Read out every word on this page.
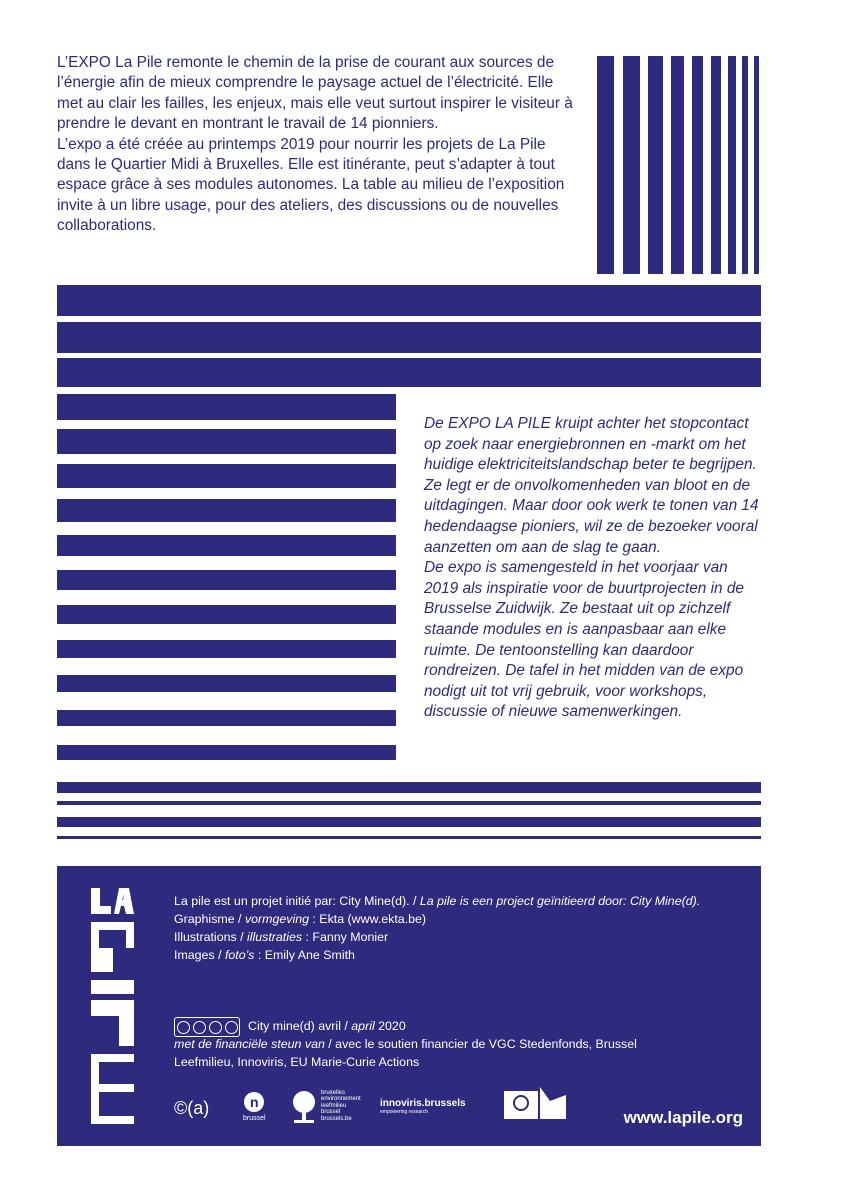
L’EXPO La Pile remonte le chemin de la prise de courant aux sources de l’énergie afin de mieux comprendre le paysage actuel de l’électricité. Elle met au clair les failles, les enjeux, mais elle veut surtout inspirer le visiteur à prendre le devant en montrant le travail de 14 pionniers.

L’expo a été créée au printemps 2019 pour nourrir les projets de La Pile dans le Quartier Midi à Bruxelles. Elle est itinérante, peut s’adapter à tout espace grâce à ses modules autonomes. La table au milieu de l’exposition invite à un libre usage, pour des ateliers, des discussions ou de nouvelles collaborations.

De EXPO LA PILE kruipt achter het stopcontact op zoek naar energiebronnen en -markt om het huidige elektriciteitslandschap beter te begrijpen. Ze legt er de onvolkomenheden van bloot en de uitdagingen. Maar door ook werk te tonen van 14 hedendaagse pioniers, wil ze de bezoeker vooral aanzetten om aan de slag te gaan.

De expo is samengesteld in het voorjaar van 2019 als inspiratie voor de buurtprojecten in de Brusselse Zuidwijk. Ze bestaat uit op zichzelf staande modules en is aanpasbaar aan elke ruimte. De tentoonstelling kan daardoor rondreizen. De tafel in het midden van de expo nodigt uit tot vrij gebruik, voor workshops, discussie of nieuwe samenwerkingen.

La pile est un projet initié par: City Mine(d). / La pile is een project geïnitieerd door: City Mine(d).
Graphisme / vormgeving : Ekta (www.ekta.be)
Illustrations / illustraties : Fanny Monier
Images / foto’s : Emily Ane Smith
City mine(d) avril / april 2020
met de financiële steun van / avec le soutien financier de VGC Stedenfonds, Brussel
Leefmilieu, Innoviris, EU Marie-Curie Actions
©(a)	n
brussel
bruxelles
environnement
leefmilieu
brussel
brussels.be
innoviris.brussels
empowering research
Marie Curie	www.lapile.org
